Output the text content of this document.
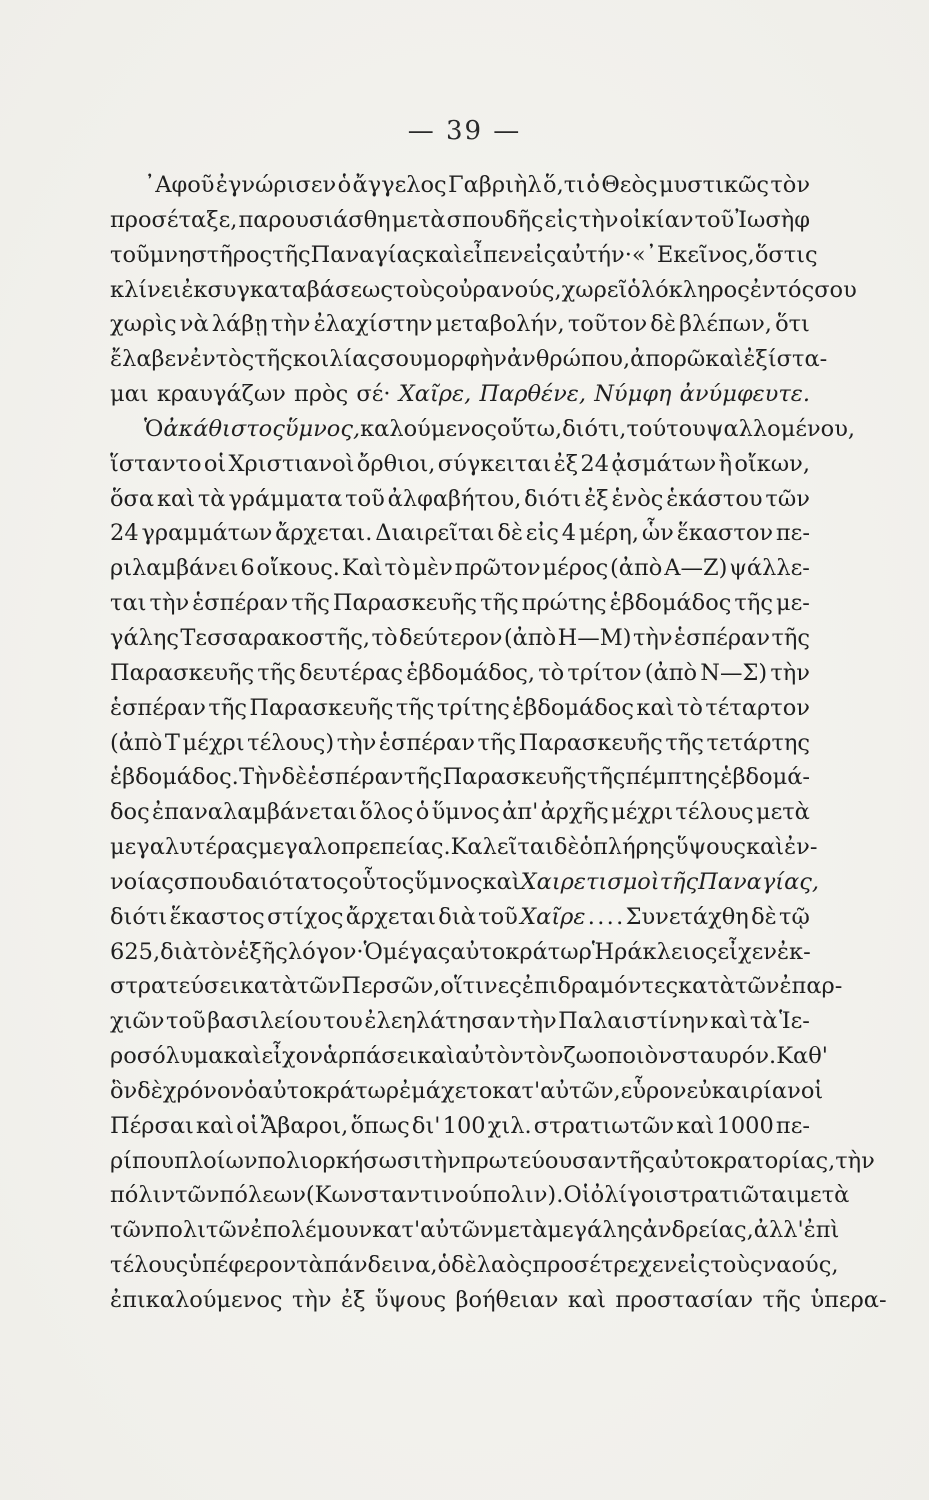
— 39 —
᾽Αφοῦ ἐγνώρισεν ὁ ἄγγελος Γαβριὴλ ὅ,τι ὁ Θεὸς μυστικῶς τὸν
προσέταξε, παρουσιάσθη μετὰ σπουδῆς εἰς τὴν οἰκίαν τοῦ Ἰωσὴφ
τοῦ μνηστῆρος τῆς Παναγίας καὶ εἶπεν εἰς αὐτήν· «᾽Εκεῖνος, ὅστις
κλίνει ἐκ συγκαταβάσεως τοὺς οὐρανούς, χωρεῖ ὁλόκληρος ἐντός σου
χωρὶς νὰ λάβῃ τὴν ἐλαχίστην μεταβολήν, τοῦτον δὲ βλέπων, ὅτι
ἔλαβεν ἐντὸς τῆς κοιλίας σου μορφὴν ἀνθρώπου, ἀπορῶ καὶ ἐξίστα-
μαι κραυγάζων πρὸς σέ· Χαῖρε, Παρθένε, Νύμφη ἀνύμφευτε.
Ὁ ἀκάθιστος ὕμνος, καλούμενος οὕτω, διότι, τούτου ψαλλομένου,
ἵσταντο οἱ Χριστιανοὶ ὄρθιοι, σύγκειται ἐξ 24 ᾀσμάτων ἢ οἴκων,
ὅσα καὶ τὰ γράμματα τοῦ ἀλφαβήτου, διότι ἐξ ἑνὸς ἑκάστου τῶν
24 γραμμάτων ἄρχεται. Διαιρεῖται δὲ εἰς 4 μέρη, ὧν ἕκαστον πε-
ριλαμβάνει 6 οἴκους. Καὶ τὸ μὲν πρῶτον μέρος (ἀπὸ Α—Ζ) ψάλλε-
ται τὴν ἑσπέραν τῆς Παρασκευῆς τῆς πρώτης ἑβδομάδος τῆς με-
γάλης Τεσσαρακοστῆς, τὸ δεύτερον (ἀπὸ Η—Μ) τὴν ἑσπέραν τῆς
Παρασκευῆς τῆς δευτέρας ἑβδομάδος, τὸ τρίτον (ἀπὸ Ν—Σ) τὴν
ἑσπέραν τῆς Παρασκευῆς τῆς τρίτης ἑβδομάδος καὶ τὸ τέταρτον
(ἀπὸ Τ μέχρι τέλους) τὴν ἑσπέραν τῆς Παρασκευῆς τῆς τετάρτης
ἑβδομάδος. Τὴν δὲ ἑσπέραν τῆς Παρασκευῆς τῆς πέμπτης ἑβδομά-
δος ἐπαναλαμβάνεται ὅλος ὁ ὕμνος ἀπ' ἀρχῆς μέχρι τέλους μετὰ
μεγαλυτέρας μεγαλοπρεπείας. Καλεῖται δὲ ὁ πλήρης ὕψους καὶ ἐν-
νοίας σπουδαιότατος οὗτος ὕμνος καὶ Χαιρετισμοὶ τῆς Παναγίας,
διότι ἕκαστος στίχος ἄρχεται διὰ τοῦ Χαῖρε . . . . Συνετάχθη δὲ τῷ
625, διὰ τὸν ἑξῆς λόγον· Ὁ μέγας αὐτοκράτωρ Ἡράκλειος εἶχεν ἐκ-
στρατεύσει κατὰ τῶν Περσῶν, οἵτινες ἐπιδραμόντες κατὰ τῶν ἐπαρ-
χιῶν τοῦ βασιλείου του ἐλεηλάτησαν τὴν Παλαιστίνην καὶ τὰ Ἱε-
ροσόλυμα καὶ εἶχον ἁρπάσει καὶ αὐτὸν τὸν ζωοποιὸν σταυρόν. Καθ'
ὃν δὲ χρόνον ὁ αὐτοκράτωρ ἐμάχετο κατ' αὐτῶν, εὗρον εὐκαιρίαν οἱ
Πέρσαι καὶ οἱ Ἄβαροι, ὅπως δι' 100 χιλ. στρατιωτῶν καὶ 1000 πε-
ρίπου πλοίων πολιορκήσωσι τὴν πρωτεύουσαν τῆς αὐτοκρατορίας, τὴν
πόλιν τῶν πόλεων (Κωνσταντινούπολιν). Οἱ ὀλίγοι στρατιῶται μετὰ
τῶν πολιτῶν ἐπολέμουν κατ' αὐτῶν μετὰ μεγάλης ἀνδρείας, ἀλλ' ἐπὶ
τέλους ὑπέφερον τὰ πάνδεινα, ὁ δὲ λαὸς προσέτρεχεν εἰς τοὺς ναούς,
ἐπικαλούμενος τὴν ἐξ ὕψους βοήθειαν καὶ προστασίαν τῆς ὑπερα-
